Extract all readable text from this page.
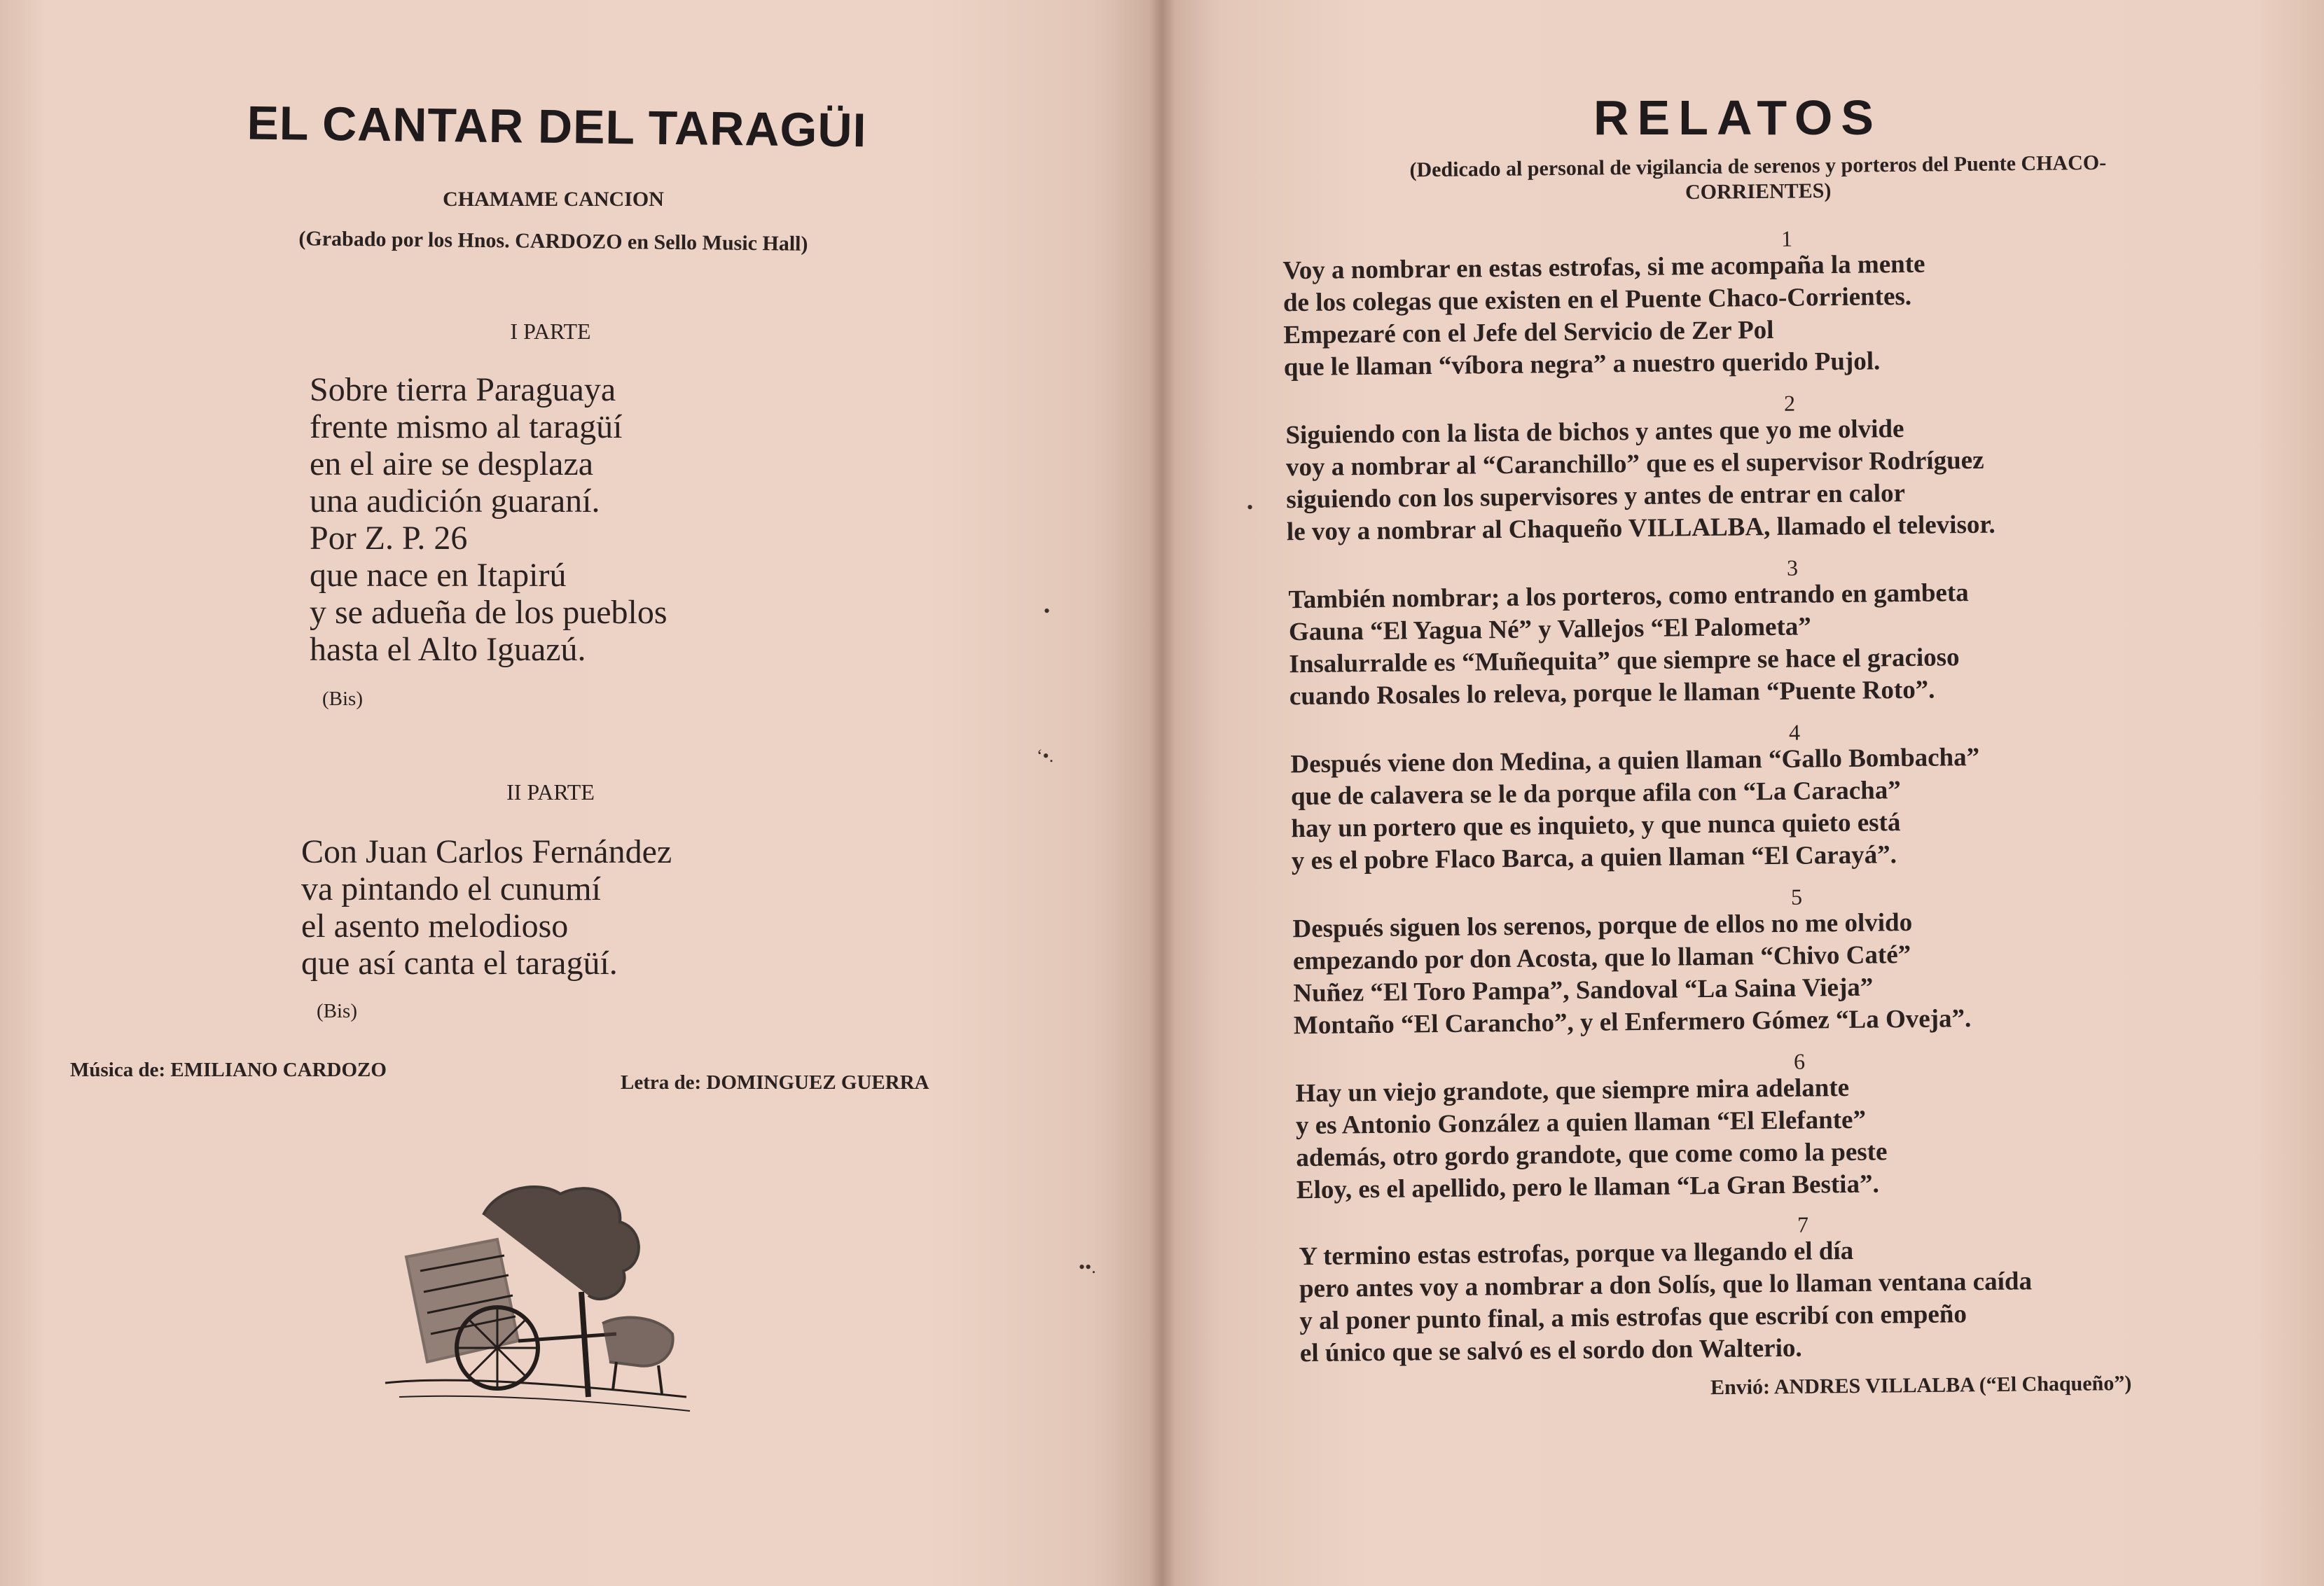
EL CANTAR DEL TARAGÜI
CHAMAME CANCION
(Grabado por los Hnos. CARDOZO en Sello Music Hall)
I PARTE
Sobre tierra Paraguaya
frente mismo al taragüí
en el aire se desplaza
una audición guaraní.
Por Z. P. 26
que nace en Itapirú
y se adueña de los pueblos
hasta el Alto Iguazú.
(Bis)
II PARTE
Con Juan Carlos Fernández
va pintando el cunumí
el asento melodioso
que así canta el taragüí.
(Bis)
Música de: EMILIANO CARDOZO
Letra de: DOMINGUEZ GUERRA
•
‘•.
••.
RELATOS
(Dedicado al personal de vigilancia de serenos y porteros del Puente CHACO-CORRIENTES)
1
Voy a nombrar en estas estrofas, si me acompaña la mente
de los colegas que existen en el Puente Chaco-Corrientes.
Empezaré con el Jefe del Servicio de Zer Pol
que le llaman “víbora negra” a nuestro querido Pujol.
2
Siguiendo con la lista de bichos y antes que yo me olvide
voy a nombrar al “Caranchillo” que es el supervisor Rodríguez
siguiendo con los supervisores y antes de entrar en calor
le voy a nombrar al Chaqueño VILLALBA, llamado el televisor.
3
También nombrar; a los porteros, como entrando en gambeta
Gauna “El Yagua Né” y Vallejos “El Palometa”
Insalurralde es “Muñequita” que siempre se hace el gracioso
cuando Rosales lo releva, porque le llaman “Puente Roto”.
4
Después viene don Medina, a quien llaman “Gallo Bombacha”
que de calavera se le da porque afila con “La Caracha”
hay un portero que es inquieto, y que nunca quieto está
y es el pobre Flaco Barca, a quien llaman “El Carayá”.
5
Después siguen los serenos, porque de ellos no me olvido
empezando por don Acosta, que lo llaman “Chivo Caté”
Nuñez “El Toro Pampa”, Sandoval “La Saina Vieja”
Montaño “El Carancho”, y el Enfermero Gómez “La Oveja”.
6
Hay un viejo grandote, que siempre mira adelante
y es Antonio González a quien llaman “El Elefante”
además, otro gordo grandote, que come como la peste
Eloy, es el apellido, pero le llaman “La Gran Bestia”.
7
Y termino estas estrofas, porque va llegando el día
pero antes voy a nombrar a don Solís, que lo llaman ventana caída
y al poner punto final, a mis estrofas que escribí con empeño
el único que se salvó es el sordo don Walterio.
Envió: ANDRES VILLALBA (“El Chaqueño”)
•
